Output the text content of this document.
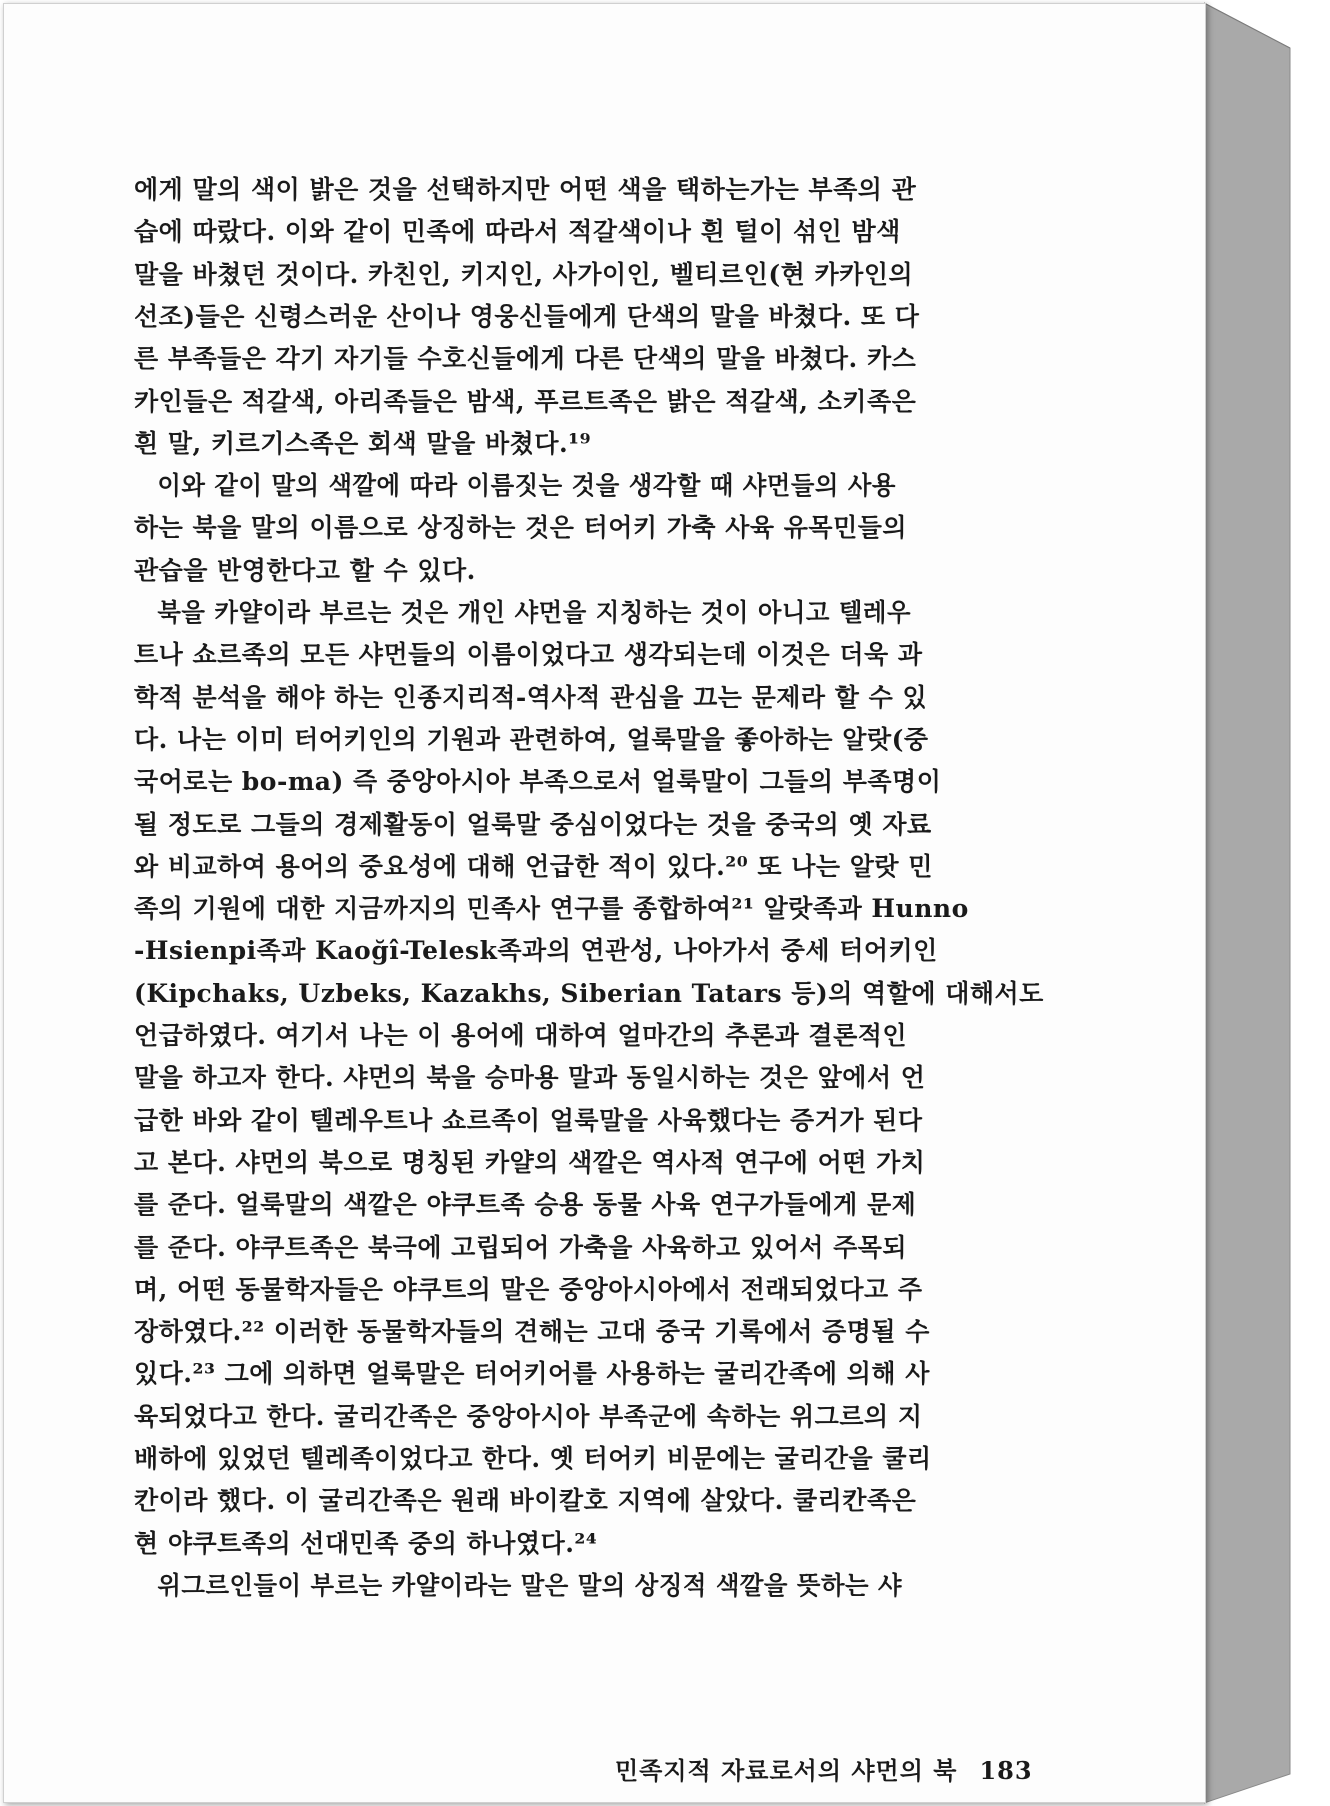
에게 말의 색이 밝은 것을 선택하지만 어떤 색을 택하는가는 부족의 관
습에 따랐다. 이와 같이 민족에 따라서 적갈색이나 흰 털이 섞인 밤색
말을 바쳤던 것이다. 카친인, 키지인, 사가이인, 벨티르인(현 카카인의
선조)들은 신령스러운 산이나 영웅신들에게 단색의 말을 바쳤다. 또 다
른 부족들은 각기 자기들 수호신들에게 다른 단색의 말을 바쳤다. 카스
카인들은 적갈색, 아리족들은 밤색, 푸르트족은 밝은 적갈색, 소키족은
흰 말, 키르기스족은 회색 말을 바쳤다.¹⁹
이와 같이 말의 색깔에 따라 이름짓는 것을 생각할 때 샤먼들의 사용
하는 북을 말의 이름으로 상징하는 것은 터어키 가축 사육 유목민들의
관습을 반영한다고 할 수 있다.
북을 카얄이라 부르는 것은 개인 샤먼을 지칭하는 것이 아니고 텔레우
트나 쇼르족의 모든 샤먼들의 이름이었다고 생각되는데 이것은 더욱 과
학적 분석을 해야 하는 인종지리적-역사적 관심을 끄는 문제라 할 수 있
다. 나는 이미 터어키인의 기원과 관련하여, 얼룩말을 좋아하는 알랏(중
국어로는 bo-ma) 즉 중앙아시아 부족으로서 얼룩말이 그들의 부족명이
될 정도로 그들의 경제활동이 얼룩말 중심이었다는 것을 중국의 옛 자료
와 비교하여 용어의 중요성에 대해 언급한 적이 있다.²⁰ 또 나는 알랏 민
족의 기원에 대한 지금까지의 민족사 연구를 종합하여²¹ 알랏족과 Hunno
-Hsienpi족과 Kaoğî-Telesk족과의 연관성, 나아가서 중세 터어키인
(Kipchaks, Uzbeks, Kazakhs, Siberian Tatars 등)의 역할에 대해서도
언급하였다. 여기서 나는 이 용어에 대하여 얼마간의 추론과 결론적인
말을 하고자 한다. 샤먼의 북을 승마용 말과 동일시하는 것은 앞에서 언
급한 바와 같이 텔레우트나 쇼르족이 얼룩말을 사육했다는 증거가 된다
고 본다. 샤먼의 북으로 명칭된 카얄의 색깔은 역사적 연구에 어떤 가치
를 준다. 얼룩말의 색깔은 야쿠트족 승용 동물 사육 연구가들에게 문제
를 준다. 야쿠트족은 북극에 고립되어 가축을 사육하고 있어서 주목되
며, 어떤 동물학자들은 야쿠트의 말은 중앙아시아에서 전래되었다고 주
장하였다.²² 이러한 동물학자들의 견해는 고대 중국 기록에서 증명될 수
있다.²³ 그에 의하면 얼룩말은 터어키어를 사용하는 굴리간족에 의해 사
육되었다고 한다. 굴리간족은 중앙아시아 부족군에 속하는 위그르의 지
배하에 있었던 텔레족이었다고 한다. 옛 터어키 비문에는 굴리간을 쿨리
칸이라 했다. 이 굴리간족은 원래 바이칼호 지역에 살았다. 쿨리칸족은
현 야쿠트족의 선대민족 중의 하나였다.²⁴
위그르인들이 부르는 카얄이라는 말은 말의 상징적 색깔을 뜻하는 샤
민족지적 자료로서의 샤먼의 북 183
